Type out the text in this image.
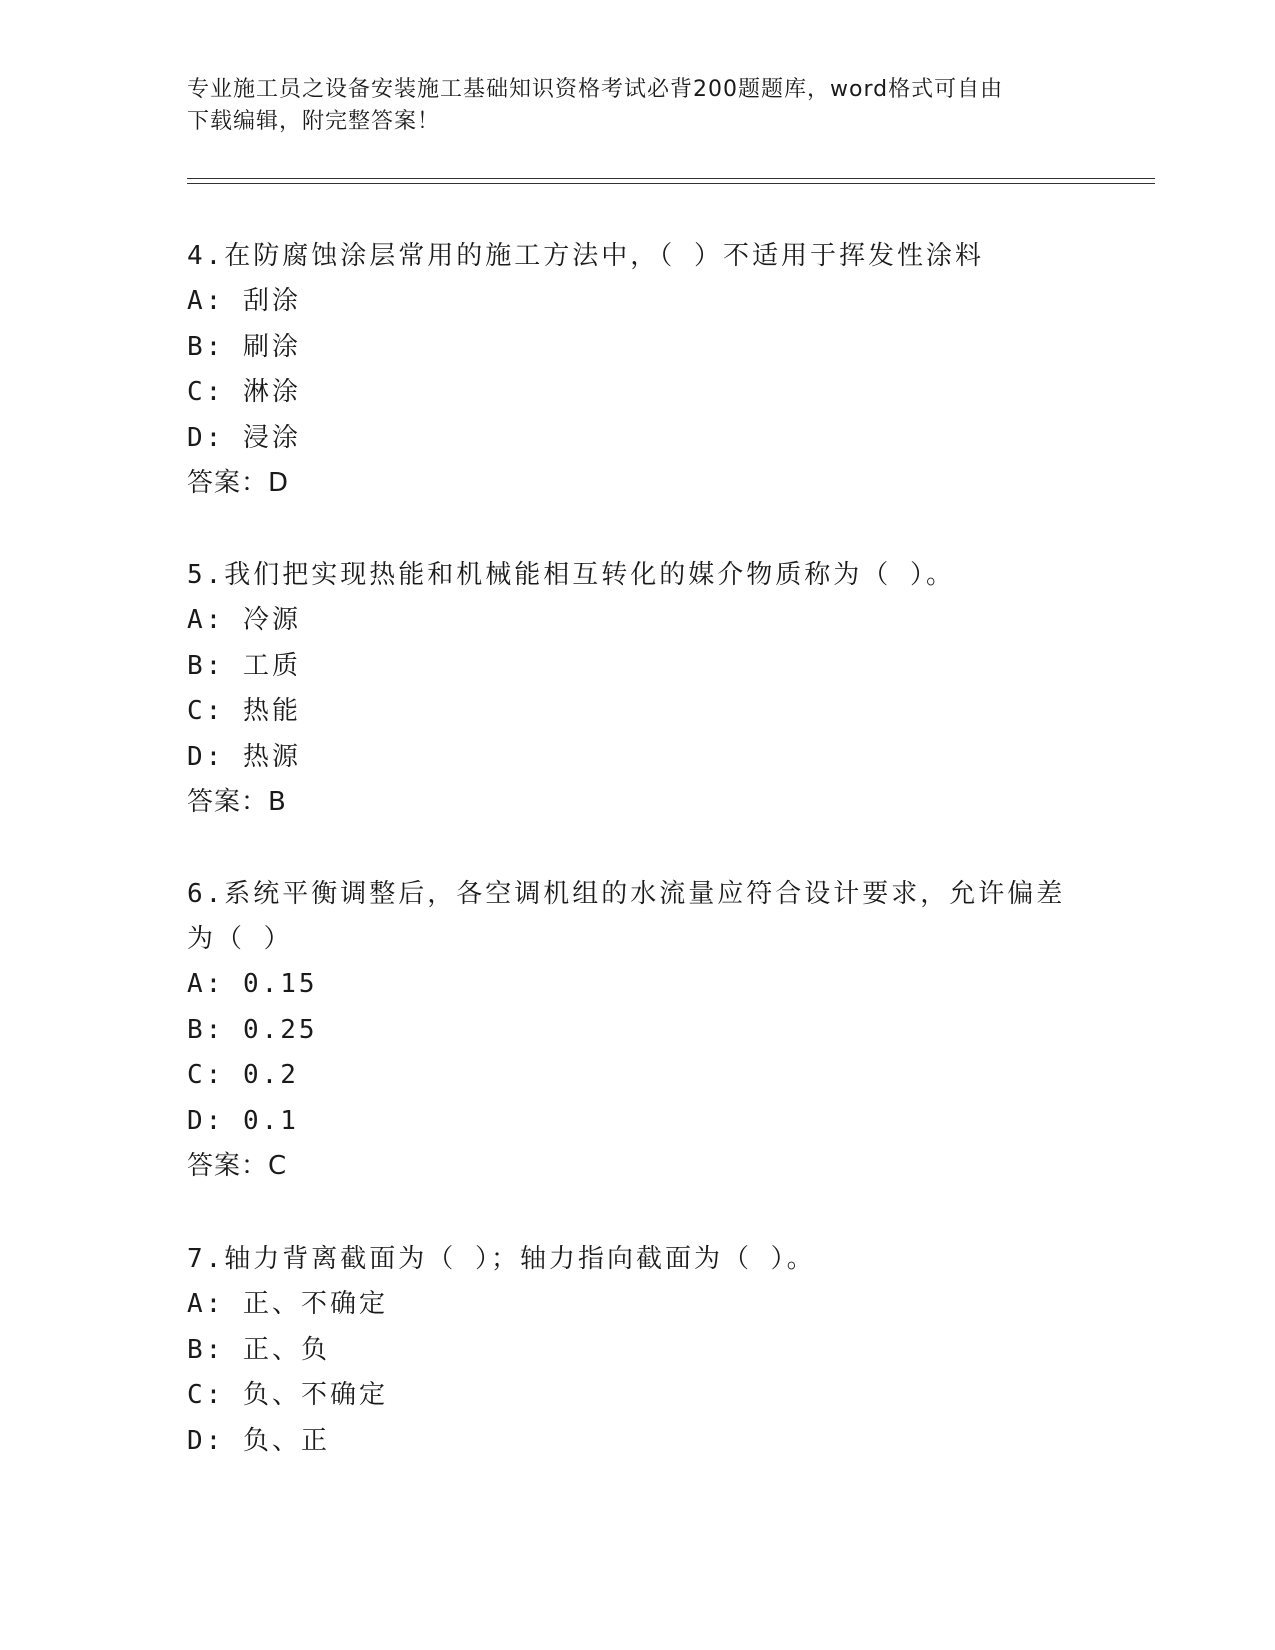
专业施工员之设备安装施工基础知识资格考试必背200题题库，word格式可自由
下载编辑，附完整答案！

4.在防腐蚀涂层常用的施工方法中，（ ）不适用于挥发性涂料

A: 刮涂

B: 刷涂

C: 淋涂

D: 浸涂

答案：D

5.我们把实现热能和机械能相互转化的媒介物质称为（ ）。

A: 冷源

B: 工质

C: 热能

D: 热源

答案：B

6.系统平衡调整后，各空调机组的水流量应符合设计要求，允许偏差

为（ ）

A: 0.15

B: 0.25

C: 0.2

D: 0.1

答案：C

7.轴力背离截面为（ ）；轴力指向截面为（ ）。

A: 正、不确定

B: 正、负

C: 负、不确定

D: 负、正
